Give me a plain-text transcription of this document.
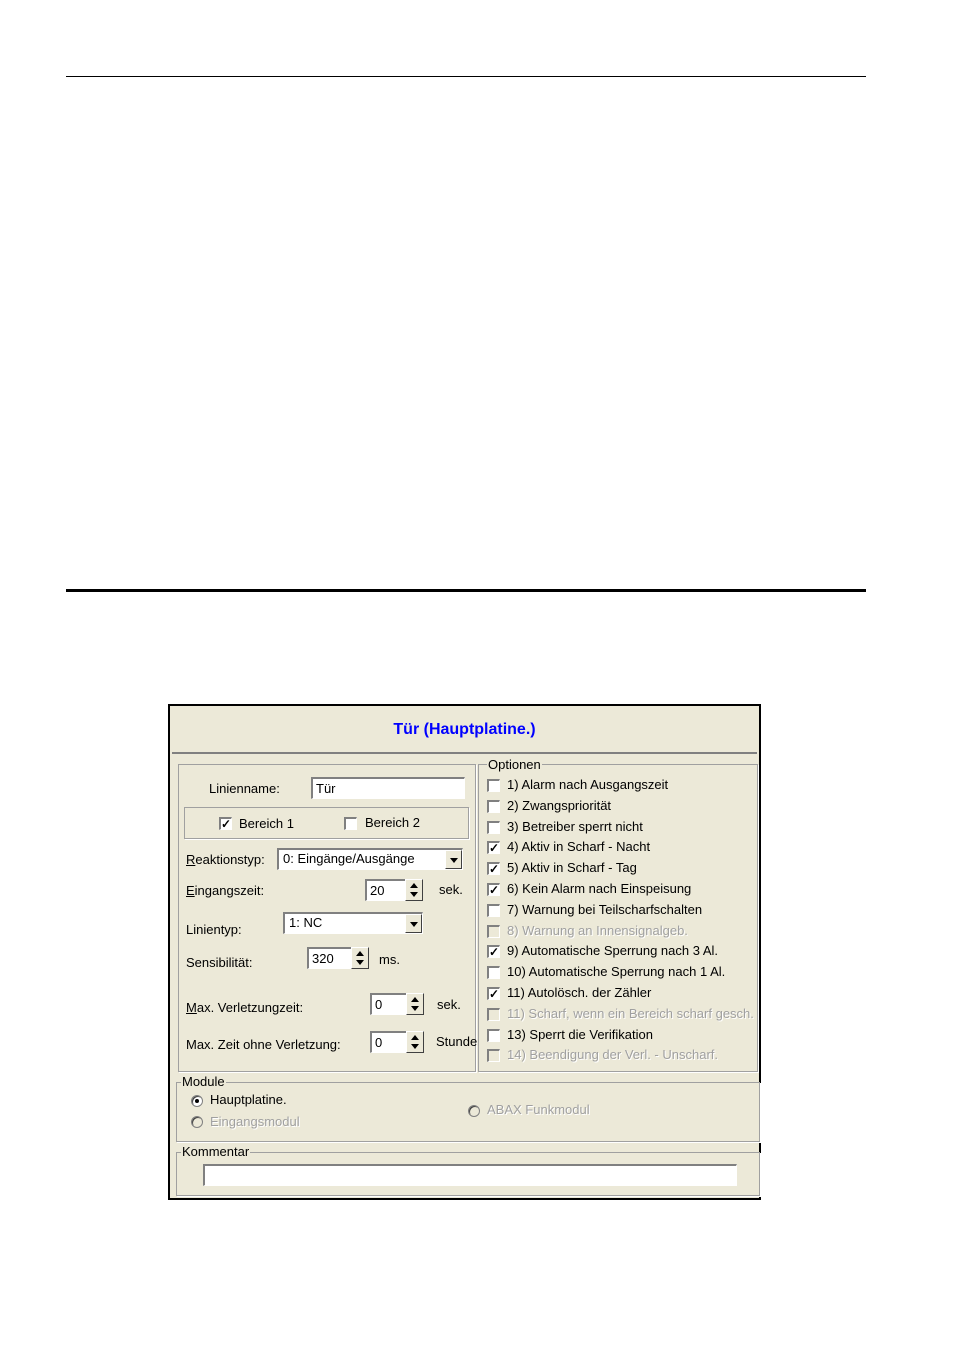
Tür (Hauptplatine.)
Linienname:	Tür
✓ Bereich 1	Bereich 2
Reaktionstyp:	0: Eingänge/Ausgänge
Eingangszeit:	20	sek.
Linientyp:	1: NC
Sensibilität:	320	ms.
Max. Verletzungzeit:	0	sek.
Max. Zeit ohne Verletzung:	0	Stunde
Optionen
1) Alarm nach Ausgangszeit
2) Zwangspriorität
3) Betreiber sperrt nicht
✓ 4) Aktiv in Scharf - Nacht
✓ 5) Aktiv in Scharf - Tag
✓ 6) Kein Alarm nach Einspeisung
7) Warnung bei Teilscharfschalten
8) Warnung an Innensignalgeb.
✓ 9) Automatische Sperrung nach 3 Al.
10) Automatische Sperrung nach 1 Al.
✓ 11) Autolösch. der Zähler
11) Scharf, wenn ein Bereich scharf gesch.
13) Sperrt die Verifikation
14) Beendigung der Verl. - Unscharf.
Module
Hauptplatine.
Eingangsmodul
ABAX Funkmodul
Kommentar
